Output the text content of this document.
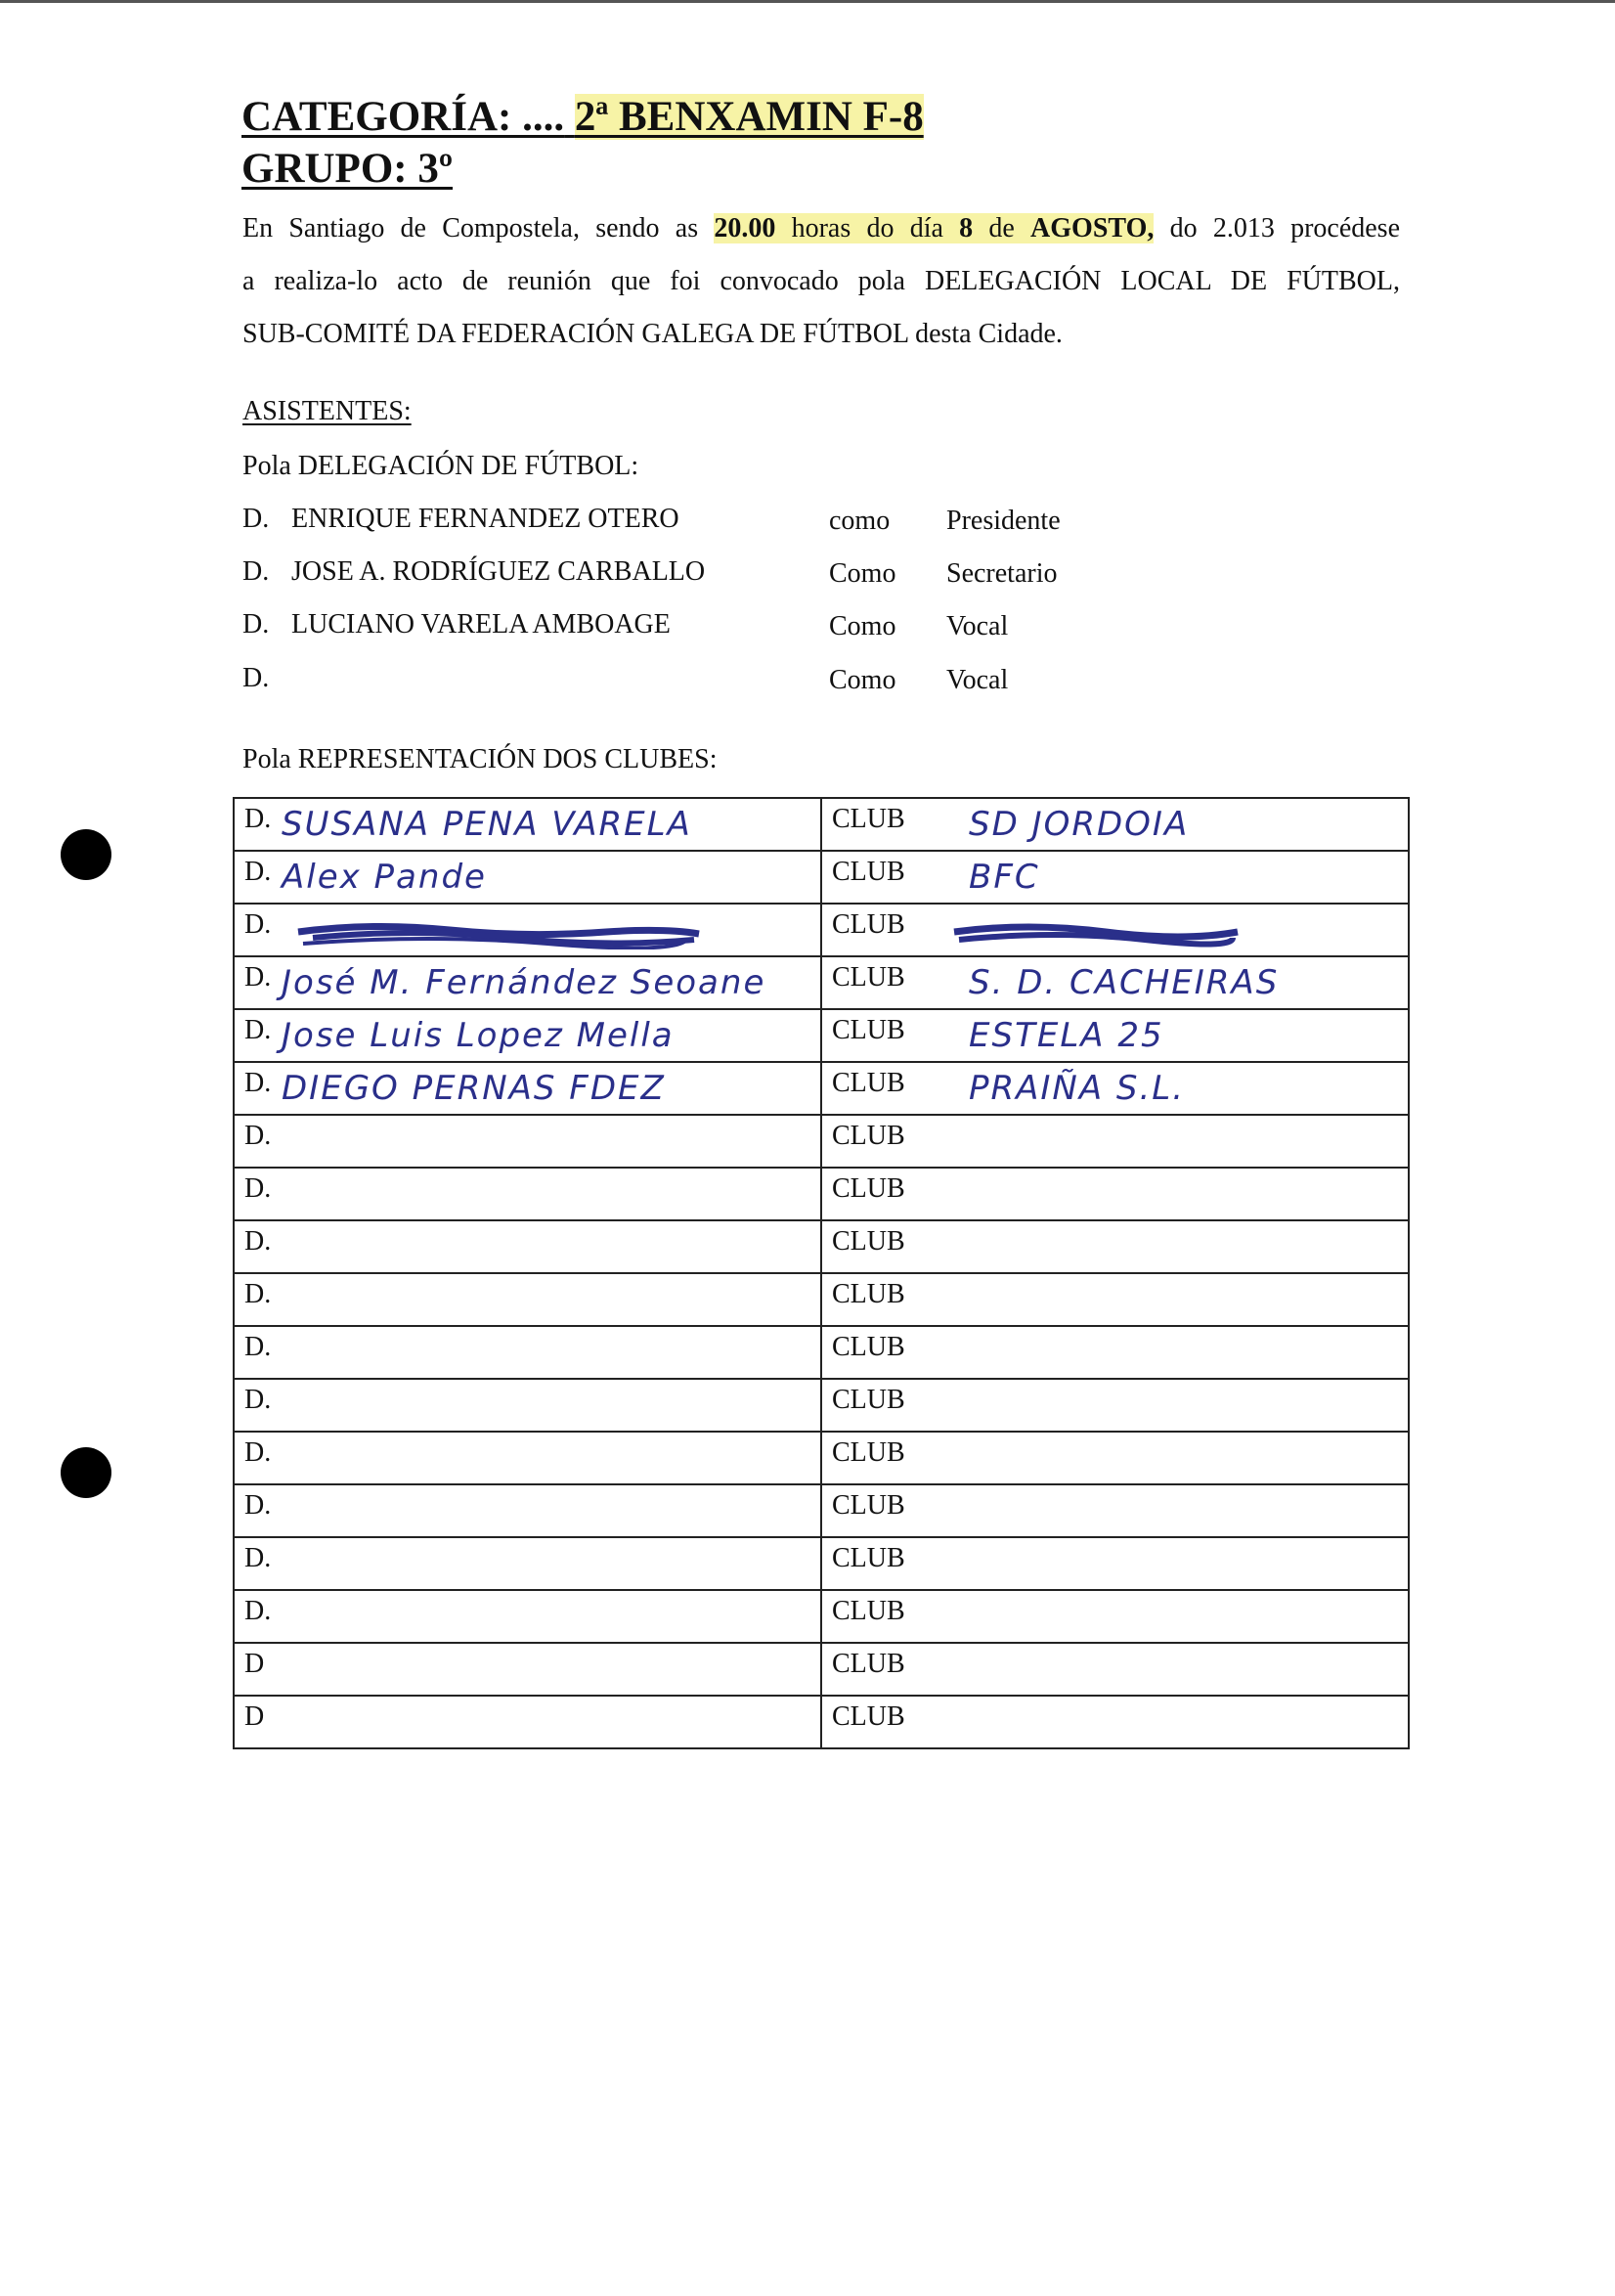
CATEGORÍA: .... 2ª BENXAMIN F-8
GRUPO: 3º
En Santiago de Compostela, sendo as 20.00 horas do día 8 de AGOSTO, do 2.013 procédese
a realiza-lo acto de reunión que foi convocado pola DELEGACIÓN LOCAL DE FÚTBOL,
SUB-COMITÉ DA FEDERACIÓN GALEGA DE FÚTBOL desta Cidade.
ASISTENTES:
Pola DELEGACIÓN DE FÚTBOL:
D. ENRIQUE FERNANDEZ OTERO	como Presidente
D. JOSE A. RODRÍGUEZ CARBALLO	Como Secretario
D. LUCIANO VARELA AMBOAGE	Como Vocal
D.	Como Vocal
Pola REPRESENTACIÓN DOS CLUBES:
D. SUSANA PENA VARELA	CLUB SD JORDOIA

D. Alex Pande	CLUB BFC

D.	CLUB

D. José M. Fernández Seoane	CLUB S. D. CACHEIRAS

D. Jose Luis Lopez Mella	CLUB ESTELA 25

D. DIEGO PERNAS FDEZ	CLUB PRAIÑA S.L.

D.	CLUB

D.	CLUB

D.	CLUB

D.	CLUB

D.	CLUB

D.	CLUB

D.	CLUB

D.	CLUB

D.	CLUB

D.	CLUB

D	CLUB

D	CLUB
